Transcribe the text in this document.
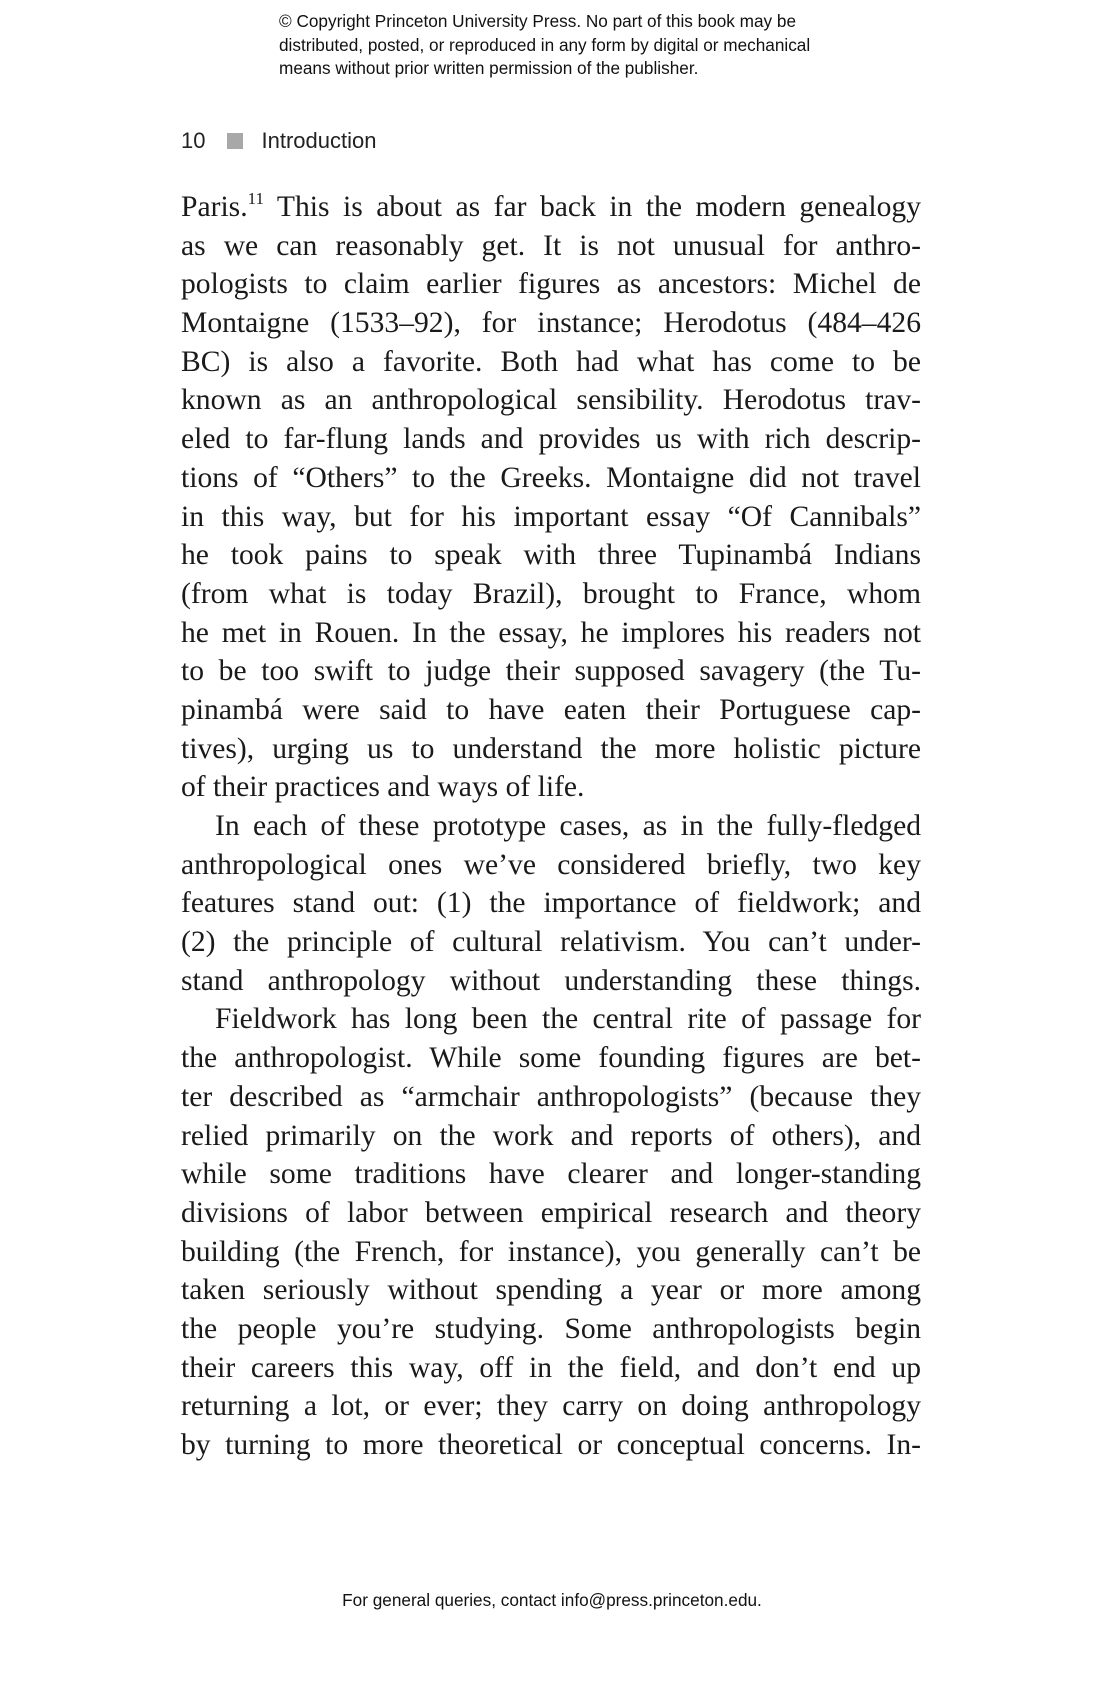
© Copyright Princeton University Press. No part of this book may be
distributed, posted, or reproduced in any form by digital or mechanical
means without prior written permission of the publisher.
10	Introduction
Paris.$^{11}$ This is about as far back in the modern genealogy
as we can reasonably get. It is not unusual for anthro-
pologists to claim earlier figures as ancestors: Michel de
Montaigne (1533–92), for instance; Herodotus (484–426
BC) is also a favorite. Both had what has come to be
known as an anthropological sensibility. Herodotus trav-
eled to far-flung lands and provides us with rich descrip-
tions of “Others” to the Greeks. Montaigne did not travel
in this way, but for his important essay “Of Cannibals”
he took pains to speak with three Tupinambá Indians
(from what is today Brazil), brought to France, whom
he met in Rouen. In the essay, he implores his readers not
to be too swift to judge their supposed savagery (the Tu-
pinambá were said to have eaten their Portuguese cap-
tives), urging us to understand the more holistic picture
of their practices and ways of life.
In each of these prototype cases, as in the fully-fledged
anthropological ones we’ve considered briefly, two key
features stand out: (1) the importance of fieldwork; and
(2) the principle of cultural relativism. You can’t under-
stand anthropology without understanding these things.
Fieldwork has long been the central rite of passage for
the anthropologist. While some founding figures are bet-
ter described as “armchair anthropologists” (because they
relied primarily on the work and reports of others), and
while some traditions have clearer and longer-standing
divisions of labor between empirical research and theory
building (the French, for instance), you generally can’t be
taken seriously without spending a year or more among
the people you’re studying. Some anthropologists begin
their careers this way, off in the field, and don’t end up
returning a lot, or ever; they carry on doing anthropology
by turning to more theoretical or conceptual concerns. In-
For general queries, contact info@press.princeton.edu.
